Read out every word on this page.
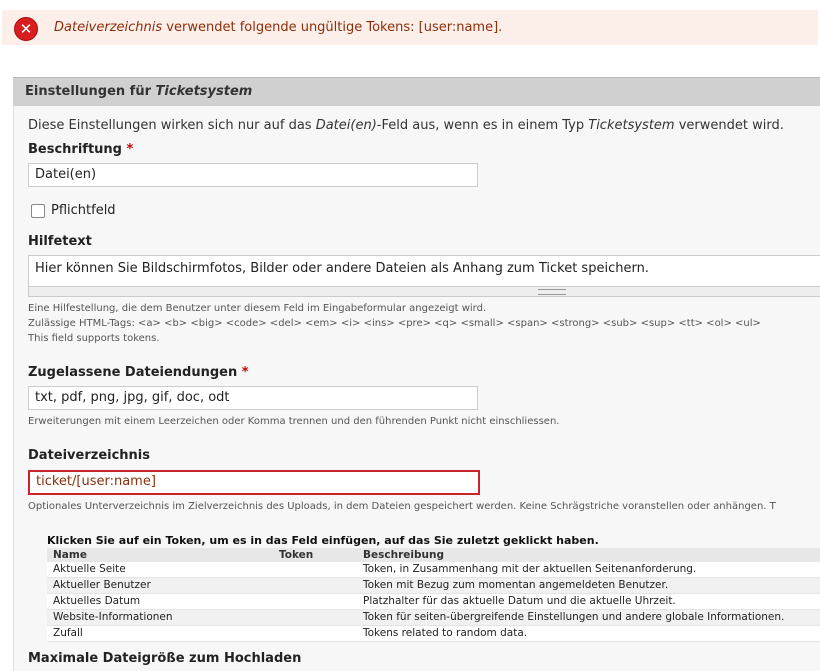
✕	Dateiverzeichnis verwendet folgende ungültige Tokens: [user:name].
Einstellungen für Ticketsystem
Diese Einstellungen wirken sich nur auf das Datei(en)-Feld aus, wenn es in einem Typ Ticketsystem verwendet wird.
Beschriftung *
Datei(en)
Pflichtfeld
Hilfetext
Hier können Sie Bildschirmfotos, Bilder oder andere Dateien als Anhang zum Ticket speichern.
Eine Hilfestellung, die dem Benutzer unter diesem Feld im Eingabeformular angezeigt wird.
Zulässige HTML-Tags: <a> <b> <big> <code> <del> <em> <i> <ins> <pre> <q> <small> <span> <strong> <sub> <sup> <tt> <ol> <ul>
This field supports tokens.
Zugelassene Dateiendungen *
txt, pdf, png, jpg, gif, doc, odt
Erweiterungen mit einem Leerzeichen oder Komma trennen und den führenden Punkt nicht einschliessen.
Dateiverzeichnis
ticket/[user:name]
Optionales Unterverzeichnis im Zielverzeichnis des Uploads, in dem Dateien gespeichert werden. Keine Schrägstriche voranstellen oder anhängen. T
Klicken Sie auf ein Token, um es in das Feld einfügen, auf das Sie zuletzt geklickt haben.
Name	Token	Beschreibung
Aktuelle Seite		Token, in Zusammenhang mit der aktuellen Seitenanforderung.
Aktueller Benutzer		Token mit Bezug zum momentan angemeldeten Benutzer.
Aktuelles Datum		Platzhalter für das aktuelle Datum und die aktuelle Uhrzeit.
Website-Informationen		Token für seiten-übergreifende Einstellungen und andere globale Informationen.
Zufall		Tokens related to random data.
Maximale Dateigröße zum Hochladen
